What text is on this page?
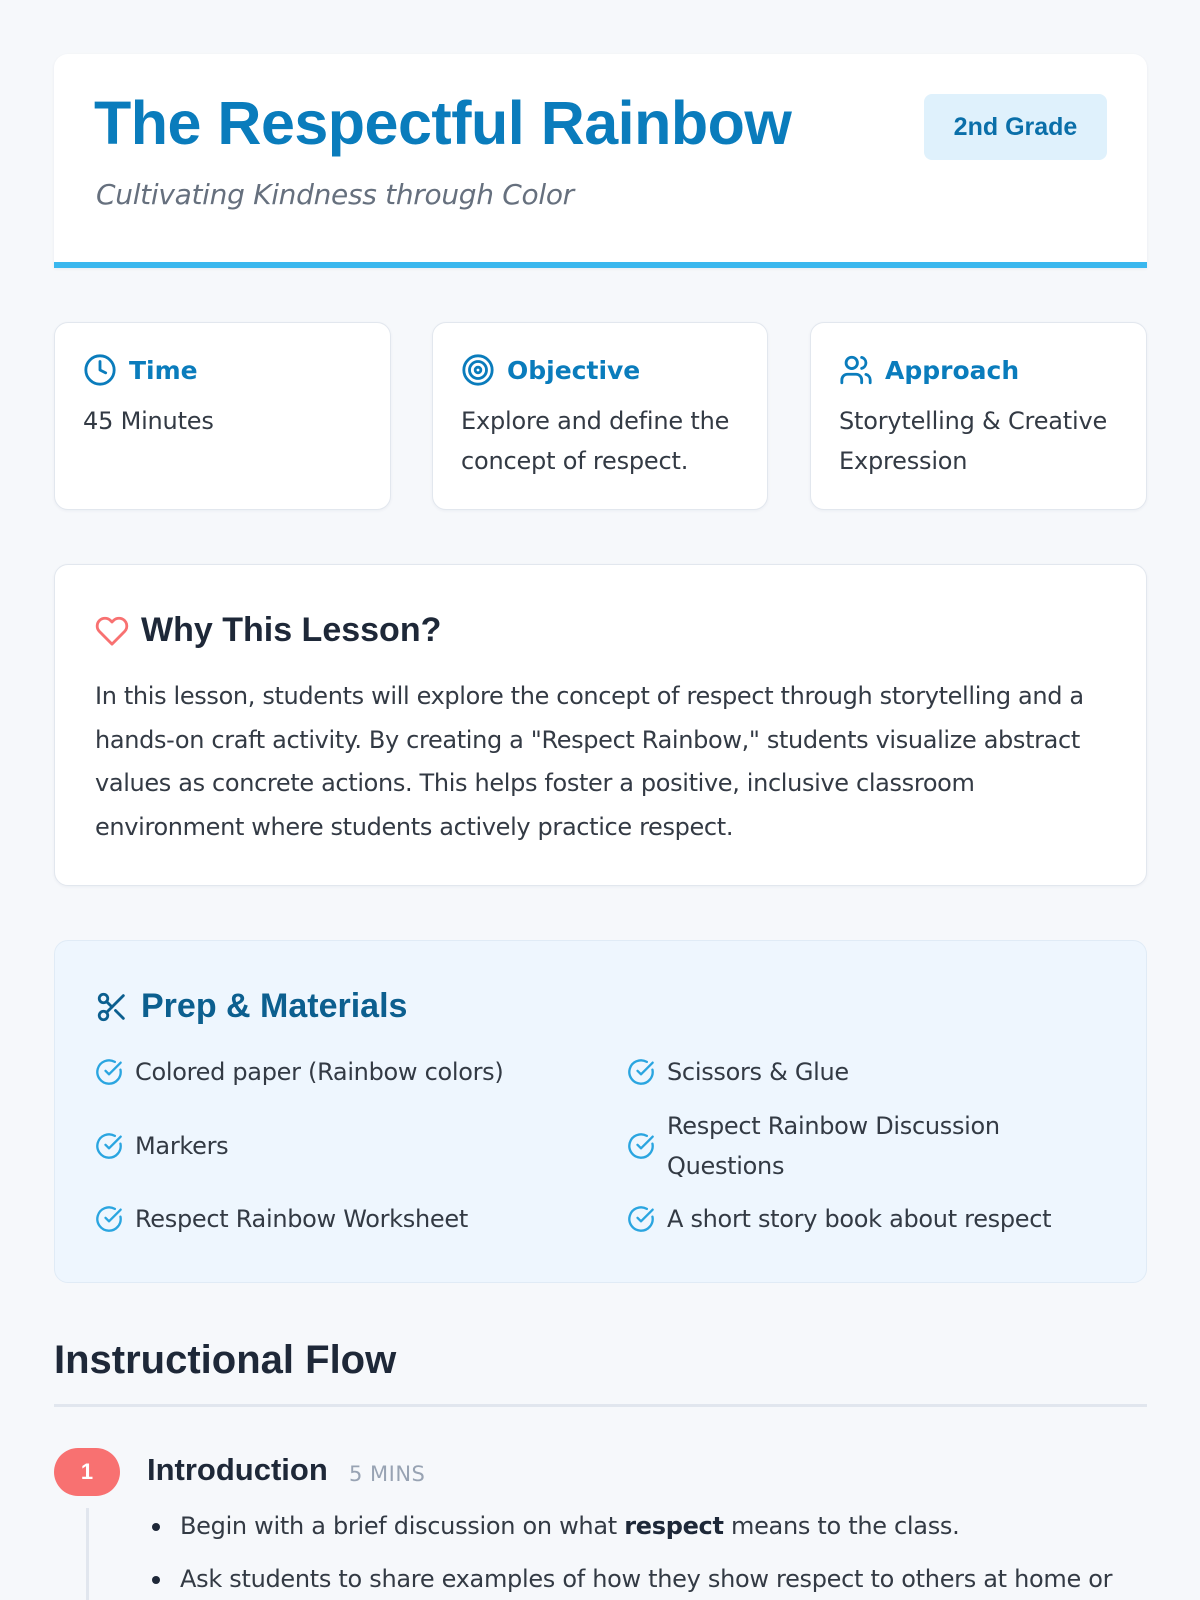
The Respectful Rainbow
Cultivating Kindness through Color
2nd Grade
Time
45 Minutes
Objective
Explore and define the concept of respect.
Approach
Storytelling & Creative Expression
Why This Lesson?
In this lesson, students will explore the concept of respect through storytelling and a hands-on craft activity. By creating a "Respect Rainbow," students visualize abstract values as concrete actions. This helps foster a positive, inclusive classroom environment where students actively practice respect.
Prep & Materials
Colored paper (Rainbow colors)	Scissors & Glue
Markers
Respect Rainbow Discussion Questions
Respect Rainbow Worksheet	A short story book about respect
Instructional Flow
1	Introduction 5 MINS
Begin with a brief discussion on what respect means to the class.
Ask students to share examples of how they show respect to others at home or
